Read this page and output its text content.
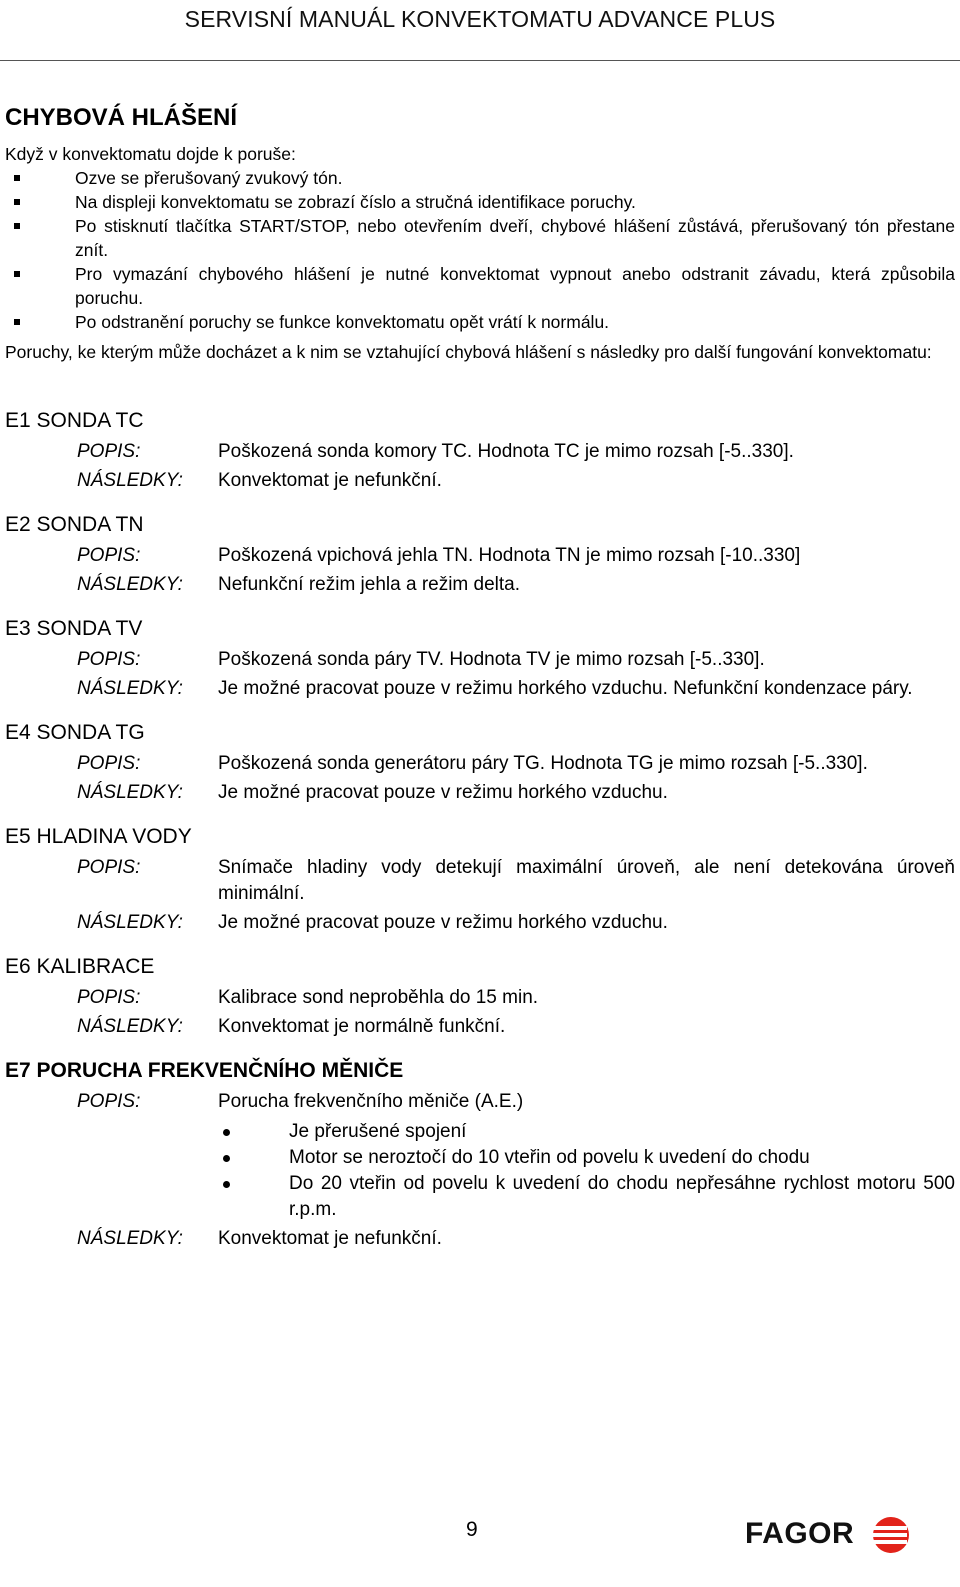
SERVISNÍ MANUÁL KONVEKTOMATU ADVANCE PLUS
CHYBOVÁ HLÁŠENÍ

Když v konvektomatu dojde k poruše:

Ozve se přerušovaný zvukový tón.
Na displeji konvektomatu se zobrazí číslo a stručná identifikace poruchy.
Po stisknutí tlačítka START/STOP, nebo otevřením dveří, chybové hlášení zůstává, přerušovaný tón přestane znít.
Pro vymazání chybového hlášení je nutné konvektomat vypnout anebo odstranit závadu, která způsobila poruchu.
Po odstranění poruchy se funkce konvektomatu opět vrátí k normálu.

Poruchy, ke kterým může docházet a k nim se vztahující chybová hlášení s následky pro další fungování konvektomatu:

E1 SONDA TC
POPIS:	Poškozená sonda komory TC. Hodnota TC je mimo rozsah [-5..330].
NÁSLEDKY:	Konvektomat je nefunkční.
E2 SONDA TN
POPIS:	Poškozená vpichová jehla TN. Hodnota TN je mimo rozsah [-10..330]
NÁSLEDKY:	Nefunkční režim jehla a režim delta.
E3 SONDA TV
POPIS:	Poškozená sonda páry TV. Hodnota TV je mimo rozsah [-5..330].
NÁSLEDKY:	Je možné pracovat pouze v režimu horkého vzduchu. Nefunkční kondenzace páry.
E4 SONDA TG
POPIS:	Poškozená sonda generátoru páry TG. Hodnota TG je mimo rozsah [-5..330].
NÁSLEDKY:	Je možné pracovat pouze v režimu horkého vzduchu.
E5 HLADINA VODY
POPIS:	Snímače hladiny vody detekují maximální úroveň, ale není detekována úroveň minimální.
NÁSLEDKY:	Je možné pracovat pouze v režimu horkého vzduchu.
E6 KALIBRACE
POPIS:	Kalibrace sond neproběhla do 15 min.
NÁSLEDKY:	Konvektomat je normálně funkční.
E7 PORUCHA FREKVENČNÍHO MĚNIČE
POPIS:	Porucha frekvenčního měniče (A.E.)
Je přerušené spojení
Motor se neroztočí do 10 vteřin od povelu k uvedení do chodu
Do 20 vteřin od povelu k uvedení do chodu nepřesáhne rychlost motoru 500 r.p.m.
NÁSLEDKY:	Konvektomat je nefunkční.
9	FAGOR
